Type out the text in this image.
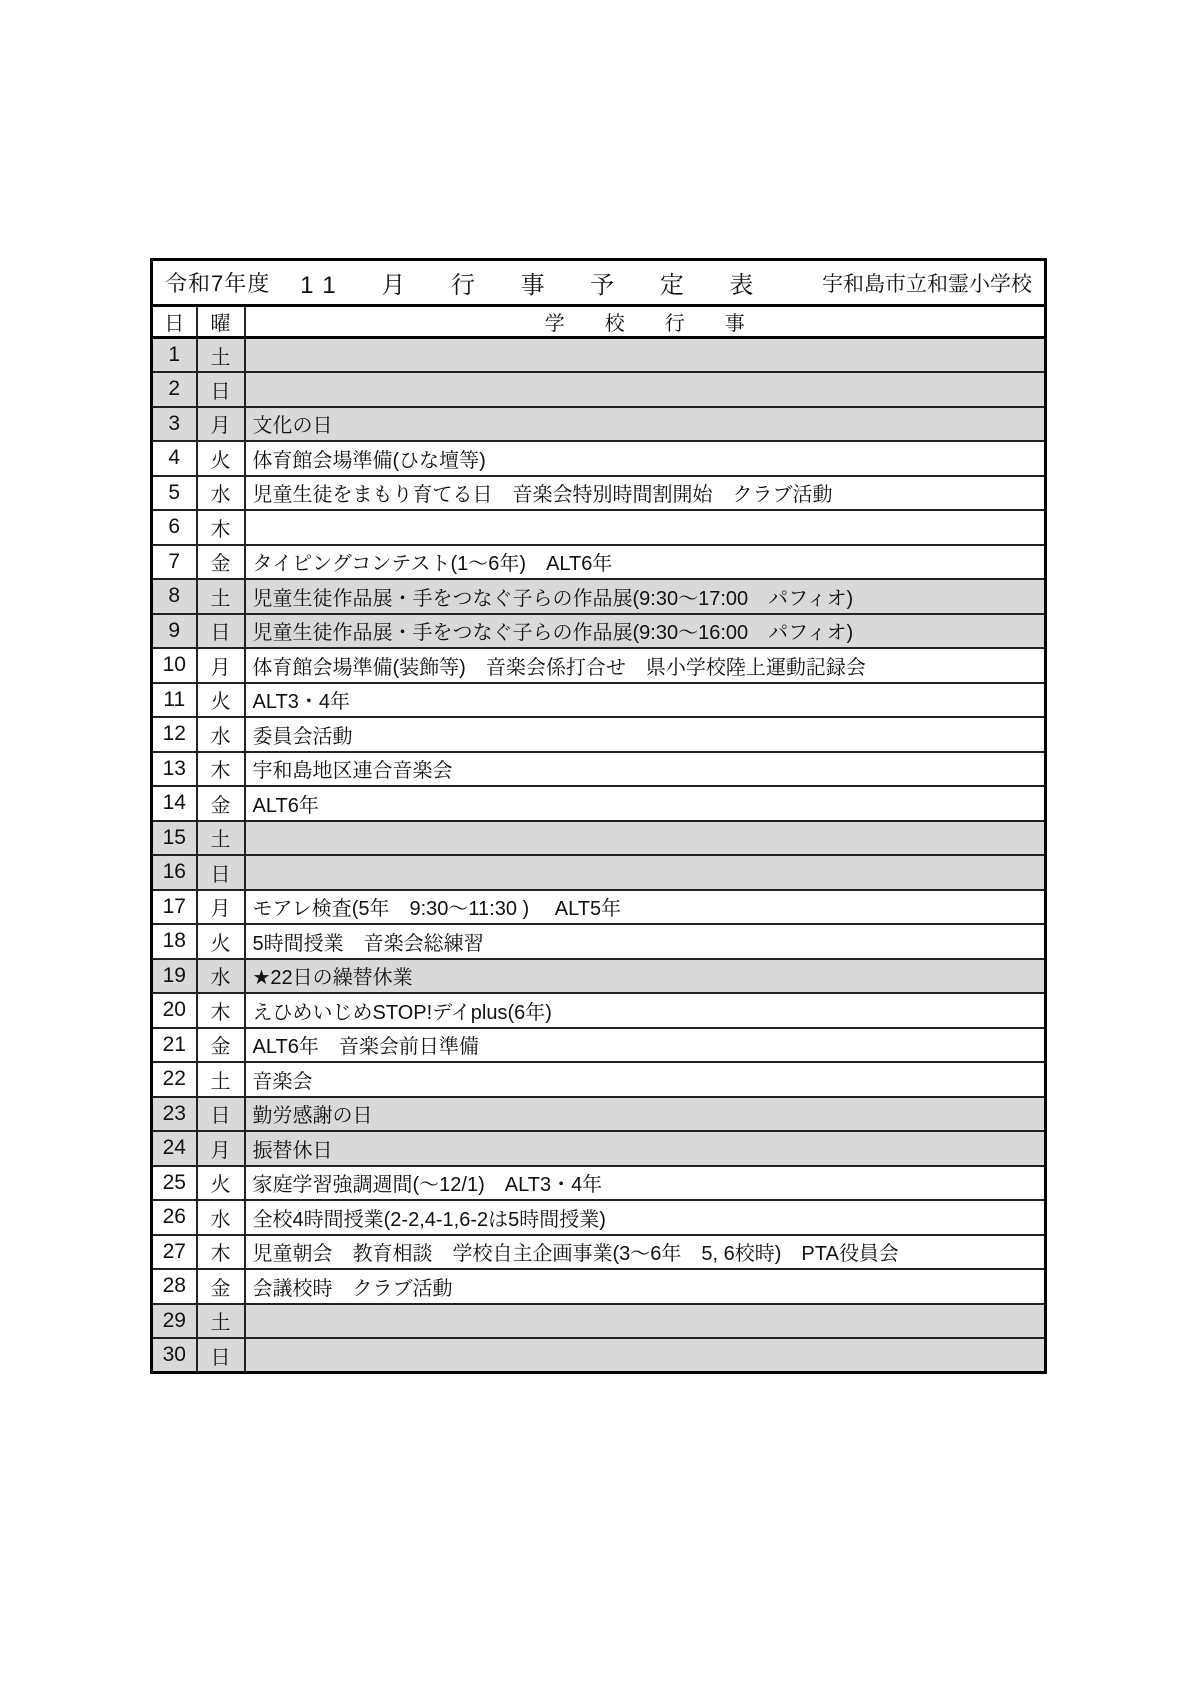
令和7年度 11　月　行　事　予　定　表 宇和島市立和霊小学校		

日	曜	学　　校　　行　　事
1	土	
2	日	
3	月	文化の日
4	火	体育館会場準備(ひな壇等)
5	水	児童生徒をまもり育てる日　音楽会特別時間割開始　クラブ活動
6	木	
7	金	タイピングコンテスト(1～6年)　ALT6年
8	土	児童生徒作品展・手をつなぐ子らの作品展(9:30～17:00　パフィオ)
9	日	児童生徒作品展・手をつなぐ子らの作品展(9:30～16:00　パフィオ)
10	月	体育館会場準備(装飾等)　音楽会係打合せ　県小学校陸上運動記録会
11	火	ALT3・4年
12	水	委員会活動
13	木	宇和島地区連合音楽会
14	金	ALT6年
15	土	
16	日	
17	月	モアレ検査(5年　9:30～11:30 )　 ALT5年
18	火	5時間授業　音楽会総練習
19	水	★22日の繰替休業
20	木	えひめいじめSTOP!デイplus(6年)
21	金	ALT6年　音楽会前日準備
22	土	音楽会
23	日	勤労感謝の日
24	月	振替休日
25	火	家庭学習強調週間(～12/1)　ALT3・4年
26	水	全校4時間授業(2-2,4-1,6-2は5時間授業)
27	木	児童朝会　教育相談　学校自主企画事業(3～6年　5, 6校時)　PTA役員会
28	金	会議校時　クラブ活動
29	土	
30	日	
